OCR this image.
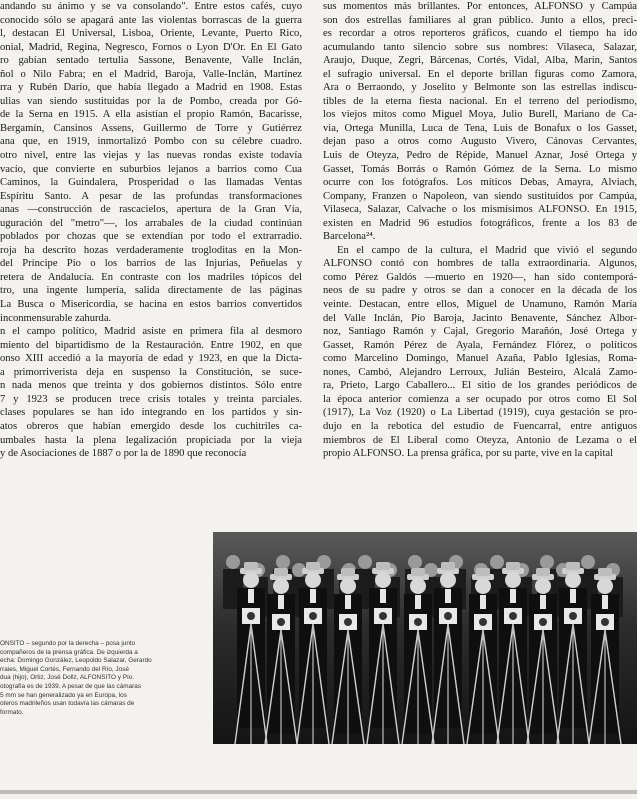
andando su ánimo y se va consolando". Entre estos cafés, cuyo
conocido sólo se apagará ante las violentas borrascas de la guerra
l, destacan El Universal, Lisboa, Oriente, Levante, Puerto Rico,
onial, Madrid, Regina, Negresco, Fornos o Lyon D'Or. En El Gato
ro gabían sentado tertulia Sassone, Benavente, Valle Inclán,
ñol o Nilo Fabra; en el Madrid, Baroja, Valle-Inclán, Martínez
rra y Rubén Darío, que había llegado a Madrid en 1908. Estas
ulias van siendo sustituidas por la de Pombo, creada por Gó-
de la Serna en 1915. A ella asistían el propio Ramón, Bacarisse,
Bergamín, Cansinos Assens, Guillermo de Torre y Gutiérrez
ana que, en 1919, inmortalizó Pombo con su célebre cuadro.
otro nivel, entre las viejas y las nuevas rondas existe todavía
vacío, que convierte en suburbios lejanos a barrios como Cua
Caminos, la Guindalera, Prosperidad o las llamadas Ventas
Espíritu Santo. A pesar de las profundas transformaciones
anas —construcción de rascacielos, apertura de la Gran Vía,
uguración del "metro"—, los arrabales de la ciudad continúan
poblados por chozas que se extendían por todo el extrarradio.
roja ha descrito hozas verdaderamente trogloditas en la Mon-
del Príncipe Pío o los barrios de las Injurias, Peñuelas y
retera de Andalucía. En contraste con los madriles tópicos del
tro, una ingente lumpería, salida directamente de las páginas
La Busca o Misericordia, se hacina en estos barrios convertidos
inconmensurable zahurda.
n el campo político, Madrid asiste en primera fila al desmoro
miento del bipartidismo de la Restauración. Entre 1902, en que
onso XIII accedió a la mayoría de edad y 1923, en que la Dicta-
a primorriverista deja en suspenso la Constitución, se suce-
n nada menos que treinta y dos gobiernos distintos. Sólo entre
7 y 1923 se producen trece crisis totales y treinta parciales.
clases populares se han ido integrando en los partidos y sin-
atos obreros que habían emergido desde los cuchitriles ca-
umbales hasta la plena legalización propiciada por la vieja
y de Asociaciones de 1887 o por la de 1890 que reconocía
sus momentos más brillantes. Por entonces, ALFONSO y Campúa
son dos estrellas familiares al gran público. Junto a ellos, preci-
es recordar a otros reporteros gráficos, cuando el tiempo ha ido
acumulando tanto silencio sobre sus nombres: Vilaseca, Salazar,
Araujo, Duque, Zegri, Bárcenas, Cortés, Vidal, Alba, Marín, Santos
el sufragio universal. En el deporte brillan figuras como Zamora,
Ara o Berraondo, y Joselito y Belmonte son las estrellas indiscu-
tibles de la eterna fiesta nacional. En el terreno del periodismo,
los viejos mitos como Miguel Moya, Julio Burell, Mariano de Ca-
via, Ortega Munilla, Luca de Tena, Luis de Bonafux o los Gasset,
dejan paso a otros como Augusto Vivero, Cánovas Cervantes,
Luis de Oteyza, Pedro de Répide, Manuel Aznar, José Ortega y
Gasset, Tomás Borrás o Ramón Gómez de la Serna. Lo mismo
ocurre con los fotógrafos. Los míticos Debas, Amayra, Alviach,
Company, Franzen o Napoleon, van siendo sustituidos por Campúa,
Vilaseca, Salazar, Calvache o los mismísimos ALFONSO. En 1915,
existen en Madrid 96 estudios fotográficos, frente a los 83 de
Barcelona²⁴.
En el campo de la cultura, el Madrid que vivió el segundo
ALFONSO contó con hombres de talla extraordinaria. Algunos,
como Pérez Galdós —muerto en 1920—, han sido contemporá-
neos de su padre y otros se dan a conocer en la década de los
veinte. Destacan, entre ellos, Miguel de Unamuno, Ramón María
del Valle Inclán, Pío Baroja, Jacinto Benavente, Sánchez Albor-
noz, Santiago Ramón y Cajal, Gregorio Marañón, José Ortega y
Gasset, Ramón Pérez de Ayala, Fernández Flórez, o políticos
como Marcelino Domingo, Manuel Azaña, Pablo Iglesias, Roma-
nones, Cambó, Alejandro Lerroux, Julián Besteiro, Alcalá Zamo-
ra, Prieto, Largo Caballero... El sitio de los grandes periódicos de
la época anterior comienza a ser ocupado por otros como El Sol
(1917), La Voz (1920) o La Libertad (1919), cuya gestación se pro-
dujo en la rebotica del estudio de Fuencarral, entre antiguos
miembros de El Liberal como Oteyza, Antonio de Lezama o el
propio ALFONSO. La prensa gráfica, por su parte, vive en la capital
ONSITO – segundo por la derecha – posa junto
compañeros de la prensa gráfica. De izquierda a
echa: Domingo González, Leopoldo Salazar, Gerardo
rraies, Miguel Cortés, Fernando del Río, José
dua (hijo), Ortiz, José Dollz, ALFONSITO y Pío.
otografía es de 1939. A pesar de que las cámaras
5 mm se han generalizado ya en Europa, los
oteros madrileños usan todavía las cámaras de
formato.
